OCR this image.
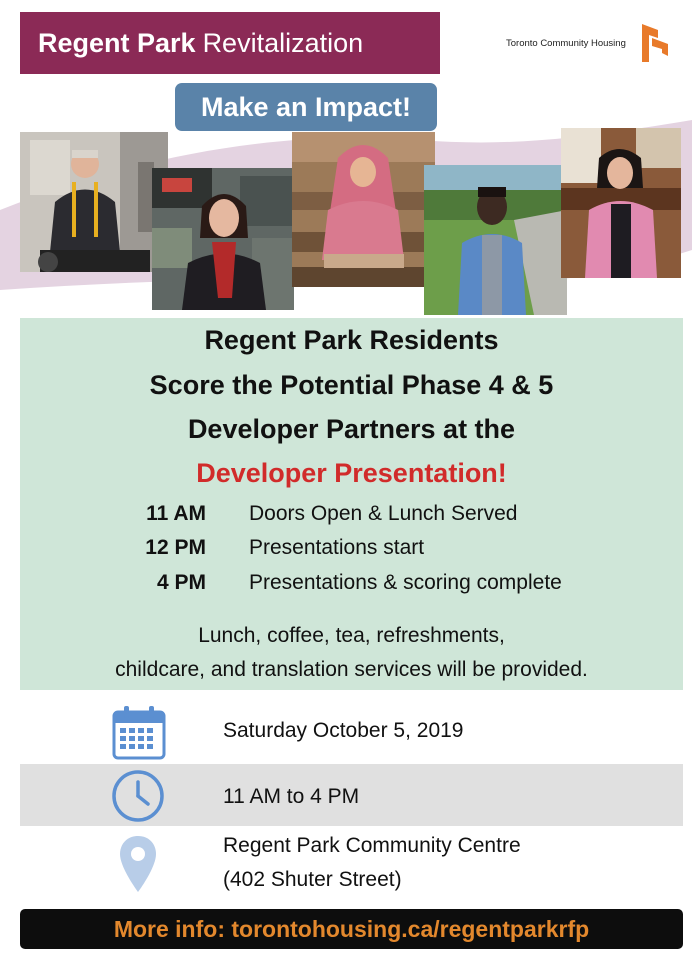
Regent Park Revitalization	Toronto Community Housing
Make an Impact!
Regent Park Residents
Score the Potential Phase 4 & 5
Developer Partners at the
Developer Presentation!
11 AM Doors Open & Lunch Served
12 PM Presentations start
4 PM Presentations & scoring complete
Lunch, coffee, tea, refreshments,
childcare, and translation services will be provided.
Saturday October 5, 2019
11 AM to 4 PM
Regent Park Community Centre
(402 Shuter Street)
More info: torontohousing.ca/regentparkrfp
